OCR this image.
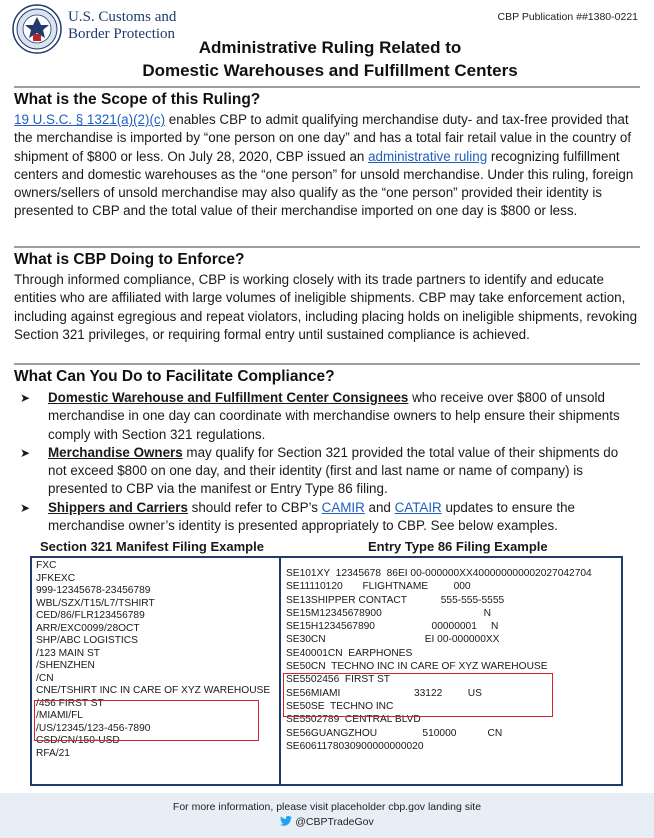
U.S. Customs and
Border Protection
CBP Publication ##1380-0221
Administrative Ruling Related to
Domestic Warehouses and Fulfillment Centers
What is the Scope of this Ruling?

19 U.S.C. § 1321(a)(2)(c) enables CBP to admit qualifying merchandise duty- and tax-free provided that the merchandise is imported by “one person on one day” and has a total fair retail value in the country of shipment of $800 or less. On July 28, 2020, CBP issued an administrative ruling recognizing fulfillment centers and domestic warehouses as the “one person” for unsold merchandise. Under this ruling, foreign owners/sellers of unsold merchandise may also qualify as the “one person” provided their identity is presented to CBP and the total value of their merchandise imported on one day is $800 or less.

What is CBP Doing to Enforce?

Through informed compliance, CBP is working closely with its trade partners to identify and educate entities who are affiliated with large volumes of ineligible shipments. CBP may take enforcement action, including against egregious and repeat violators, including placing holds on ineligible shipments, revoking Section 321 privileges, or requiring formal entry until sustained compliance is achieved.

What Can You Do to Facilitate Compliance?
➤ Domestic Warehouse and Fulfillment Center Consignees who receive over $800 of unsold merchandise in one day can coordinate with merchandise owners to help ensure their shipments comply with Section 321 regulations.
➤ Merchandise Owners may qualify for Section 321 provided the total value of their shipments do not exceed $800 on one day, and their identity (first and last name or name of company) is presented to CBP via the manifest or Entry Type 86 filing.
➤ Shippers and Carriers should refer to CBP’s CAMIR and CATAIR updates to ensure the merchandise owner’s identity is presented appropriately to CBP. See below examples.
Section 321 Manifest Filing Example	Entry Type 86 Filing Example
FXC
JFKEXC
999-12345678-23456789
WBL/SZX/T15/L7/TSHIRT
CED/86/FLR123456789
ARR/EXC0099/28OCT
SHP/ABC LOGISTICS
/123 MAIN ST
/SHENZHEN
/CN
CNE/TSHIRT INC IN CARE OF XYZ WAREHOUSE
/456 FIRST ST
/MIAMI/FL
/US/12345/123-456-7890
CSD/CN/150-USD
RFA/21
SE101XY  12345678  86EI 00-000000XX400000000002027042704
SE11110120       FLIGHTNAME         000
SE13SHIPPER CONTACT            555-555-5555
SE15M12345678900                                    N
SE15H1234567890                    00000001     N
SE30CN                                   EI 00-000000XX
SE40001CN  EARPHONES
SE50CN  TECHNO INC IN CARE OF XYZ WAREHOUSE
SE5502456  FIRST ST
SE56MIAMI                          33122         US
SE50SE  TECHNO INC
SE5502789  CENTRAL BLVD
SE56GUANGZHOU                510000           CN
SE6061178030900000000020
For more information, please visit placeholder cbp.gov landing site
@CBPTradeGov
